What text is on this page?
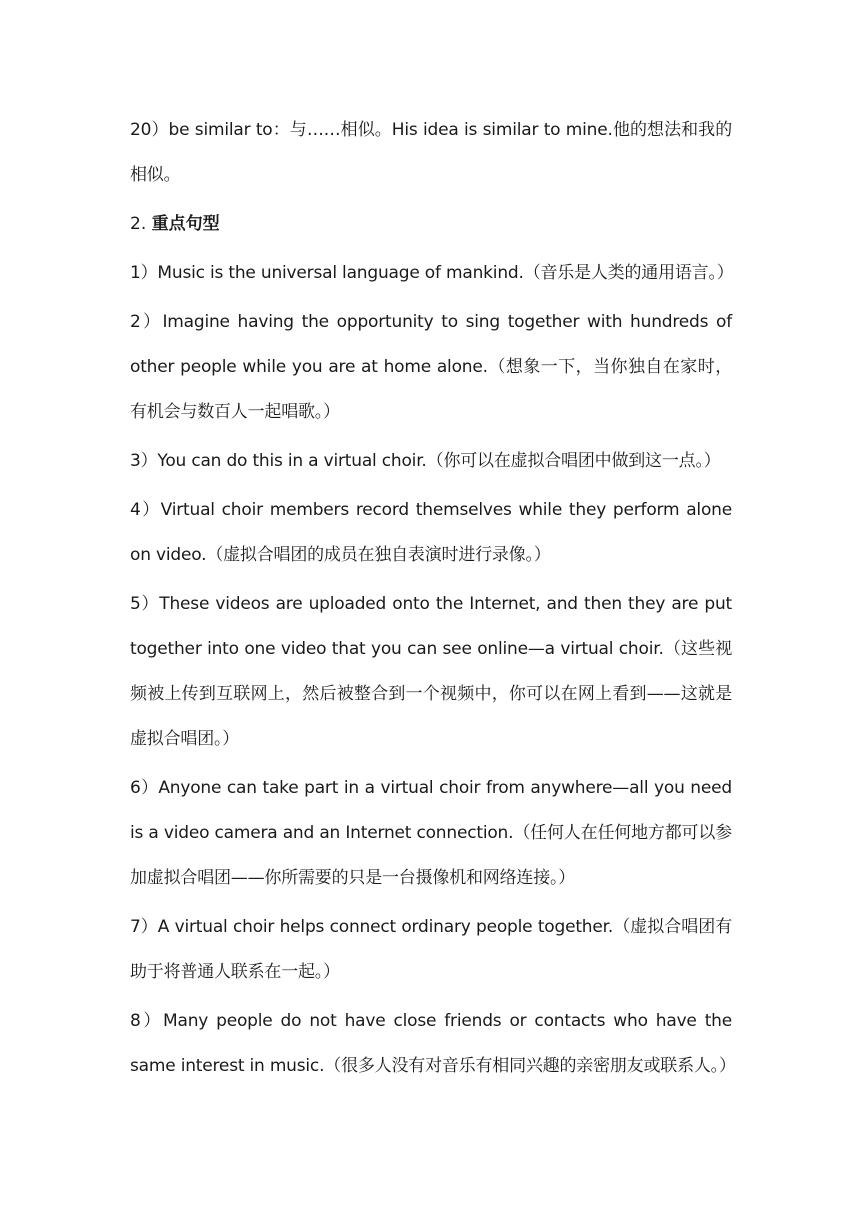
20）be similar to：与……相似。His idea is similar to mine.他的想法和我的相似。

2. 重点句型

1）Music is the universal language of mankind.（音乐是人类的通用语言。）

2）Imagine having the opportunity to sing together with hundreds of other people while you are at home alone.（想象一下，当你独自在家时，有机会与数百人一起唱歌。）

3）You can do this in a virtual choir.（你可以在虚拟合唱团中做到这一点。）

4）Virtual choir members record themselves while they perform alone on video.（虚拟合唱团的成员在独自表演时进行录像。）

5）These videos are uploaded onto the Internet, and then they are put together into one video that you can see online—a virtual choir.（这些视频被上传到互联网上，然后被整合到一个视频中，你可以在网上看到——这就是虚拟合唱团。）

6）Anyone can take part in a virtual choir from anywhere—all you need is a video camera and an Internet connection.（任何人在任何地方都可以参加虚拟合唱团——你所需要的只是一台摄像机和网络连接。）

7）A virtual choir helps connect ordinary people together.（虚拟合唱团有助于将普通人联系在一起。）

8）Many people do not have close friends or contacts who have the same interest in music.（很多人没有对音乐有相同兴趣的亲密朋友或联系人。）
